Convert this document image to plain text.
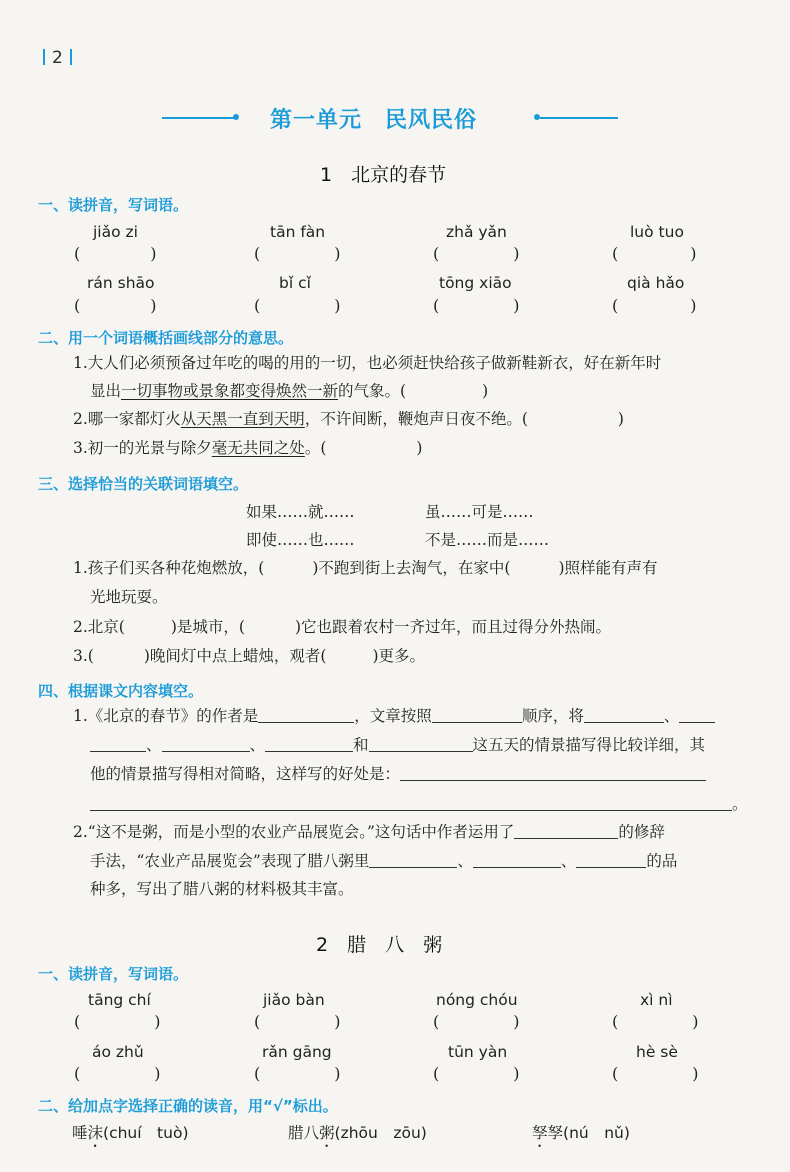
2
第一单元　民风民俗
1　北京的春节
一、读拼音，写词语。
jiǎo zi	tān fàn	zhǎ yǎn	luò tuo
(	)	(	)	(	)	(	)
rán shāo	bǐ cǐ	tōng xiāo	qià hǎo
(	)	(	)	(	)	(	)
二、用一个词语概括画线部分的意思。
1.大人们必须预备过年吃的喝的用的一切，也必须赶快给孩子做新鞋新衣，好在新年时
显出一切事物或景象都变得焕然一新的气象。(	)
2.哪一家都灯火从天黑一直到天明，不许间断，鞭炮声日夜不绝。(	)
3.初一的光景与除夕毫无共同之处。(	)
三、选择恰当的关联词语填空。
如果……就……	虽……可是……
即使……也……	不是……而是……
1.孩子们买各种花炮燃放，(	)不跑到街上去淘气，在家中(	)照样能有声有
光地玩耍。
2.北京(	)是城市，(	)它也跟着农村一齐过年，而且过得分外热闹。
3.(	)晚间灯中点上蜡烛，观者(	)更多。
四、根据课文内容填空。
1.《北京的春节》的作者是	，文章按照	顺序，将	、
、	、	和	这五天的情景描写得比较详细，其
他的情景描写得相对简略，这样写的好处是：
。
2.“这不是粥，而是小型的农业产品展览会。”这句话中作者运用了	的修辞
手法，“农业产品展览会”表现了腊八粥里	、	、	的品
种多，写出了腊八粥的材料极其丰富。
2　腊　八　粥
一、读拼音，写词语。
tāng chí	jiǎo bàn	nóng chóu	xì nì
(	)	(	)	(	)	(	)
áo zhǔ	rǎn gāng	tūn yàn	hè sè
(	)	(	)	(	)	(	)
二、给加点字选择正确的读音，用“√”标出。
唾沫(chuí　tuò)	腊八粥(zhōu　zōu)	孥孥(nú　nǔ)
